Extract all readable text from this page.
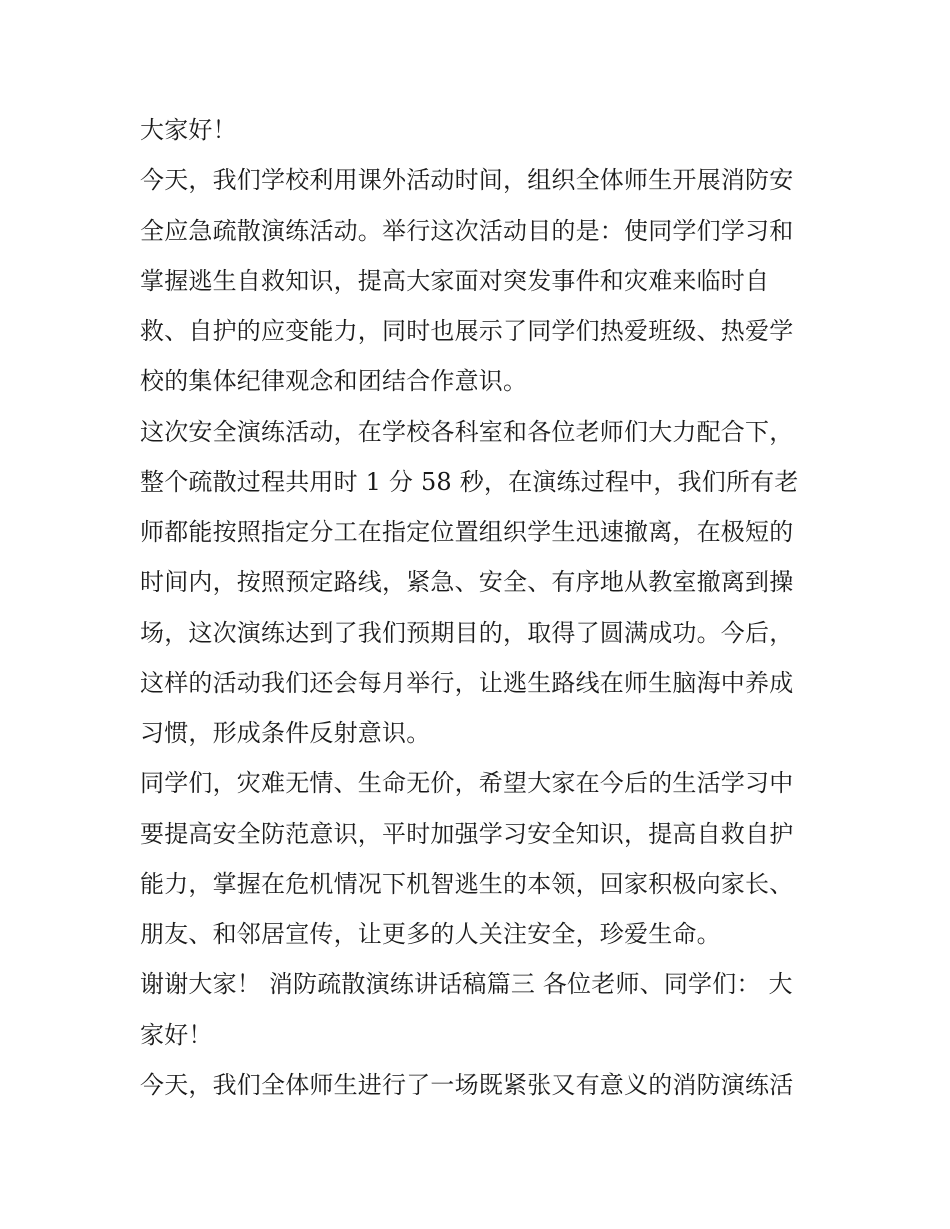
大家好！
今天，我们学校利用课外活动时间，组织全体师生开展消防安
全应急疏散演练活动。举行这次活动目的是：使同学们学习和
掌握逃生自救知识，提高大家面对突发事件和灾难来临时自
救、自护的应变能力，同时也展示了同学们热爱班级、热爱学
校的集体纪律观念和团结合作意识。
这次安全演练活动，在学校各科室和各位老师们大力配合下，
整个疏散过程共用时 1 分 58 秒，在演练过程中，我们所有老
师都能按照指定分工在指定位置组织学生迅速撤离，在极短的
时间内，按照预定路线，紧急、安全、有序地从教室撤离到操
场，这次演练达到了我们预期目的，取得了圆满成功。今后，
这样的活动我们还会每月举行，让逃生路线在师生脑海中养成
习惯，形成条件反射意识。
同学们，灾难无情、生命无价，希望大家在今后的生活学习中
要提高安全防范意识，平时加强学习安全知识，提高自救自护
能力，掌握在危机情况下机智逃生的本领，回家积极向家长、
朋友、和邻居宣传，让更多的人关注安全，珍爱生命。
谢谢大家！ 消防疏散演练讲话稿篇三 各位老师、同学们： 大
家好！
今天，我们全体师生进行了一场既紧张又有意义的消防演练活
